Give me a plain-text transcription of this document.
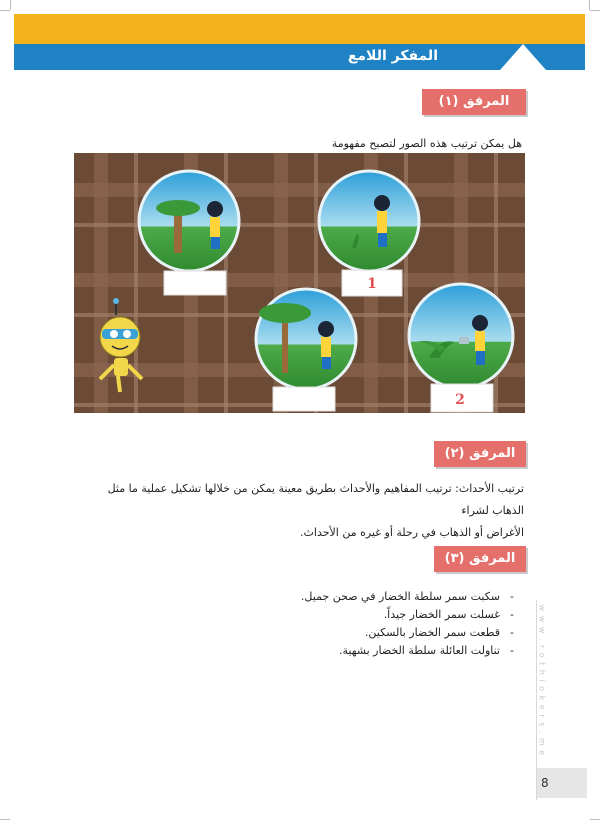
المفكر اللامع
المرفق (١)
هل يمكن ترتيب هذه الصور لتصبح مفهومة
1
2
المرفق (٢)
ترتيب الأحداث: ترتيب المفاهيم والأحداث بطريق معينة يمكن من خلالها تشكيل عملية ما مثل الذهاب لشراء
الأغراض أو الذهاب في رحلة أو غيره من الأحداث.
المرفق (٣)
-
سكبت سمر سلطة الخضار في صحن جميل.
-
غسلت سمر الخضار جيداً.
-
قطعت سمر الخضار بالسكين.
-
تناولت العائلة سلطة الخضار بشهية.	w w w . r o t h i o k e r s . m e
8
